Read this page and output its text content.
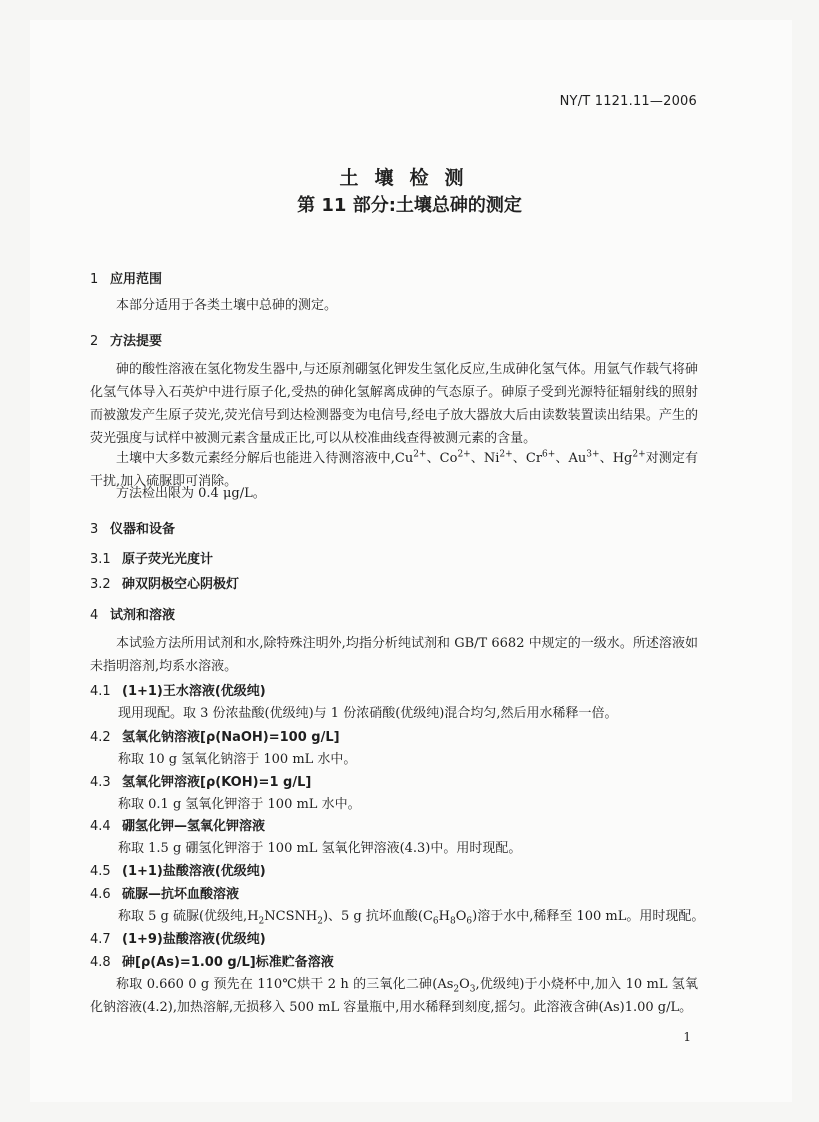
NY/T 1121.11—2006
土壤检测
第 11 部分:土壤总砷的测定
1 应用范围
本部分适用于各类土壤中总砷的测定。
2 方法提要
砷的酸性溶液在氢化物发生器中,与还原剂硼氢化钾发生氢化反应,生成砷化氢气体。用氩气作载气将砷化氢气体导入石英炉中进行原子化,受热的砷化氢解离成砷的气态原子。砷原子受到光源特征辐射线的照射而被激发产生原子荧光,荧光信号到达检测器变为电信号,经电子放大器放大后由读数装置读出结果。产生的荧光强度与试样中被测元素含量成正比,可以从校准曲线查得被测元素的含量。
土壤中大多数元素经分解后也能进入待测溶液中$,Cu^{2+}$、$Co^{2+}$、$Ni^{2+}$、$Cr^{6+}$、$Au^{3+}$、$Hg^{2+}$对测定有干扰,加入硫脲即可消除。
方法检出限为 0.4 μg/L。
3 仪器和设备
3.1 原子荧光光度计
3.2 砷双阴极空心阴极灯
4 试剂和溶液
本试验方法所用试剂和水,除特殊注明外,均指分析纯试剂和 GB/T 6682 中规定的一级水。所述溶液如未指明溶剂,均系水溶液。
4.1 (1+1)王水溶液(优级纯)
现用现配。取 3 份浓盐酸(优级纯)与 1 份浓硝酸(优级纯)混合均匀,然后用水稀释一倍。
4.2 氢氧化钠溶液[ρ(NaOH)=100 g/L]
称取 10 g 氢氧化钠溶于 100 mL 水中。
4.3 氢氧化钾溶液[ρ(KOH)=1 g/L]
称取 0.1 g 氢氧化钾溶于 100 mL 水中。
4.4 硼氢化钾—氢氧化钾溶液
称取 1.5 g 硼氢化钾溶于 100 mL 氢氧化钾溶液(4.3)中。用时现配。
4.5 (1+1)盐酸溶液(优级纯)
4.6 硫脲—抗坏血酸溶液
称取 5 g 硫脲(优级纯$,H_2NCSNH_2$)、5 g 抗坏血酸$(C_6H_8O_6)$溶于水中,稀释至 100 mL。用时现配。
4.7 (1+9)盐酸溶液(优级纯)
4.8 砷[ρ(As)=1.00 g/L]标准贮备溶液
称取 0.660 0 g 预先在 110℃烘干 2 h 的三氧化二砷($As_2O_3$,优级纯)于小烧杯中,加入 10 mL 氢氧化钠溶液(4.2),加热溶解,无损移入 500 mL 容量瓶中,用水稀释到刻度,摇匀。此溶液含砷(As)1.00 g/L。
1
